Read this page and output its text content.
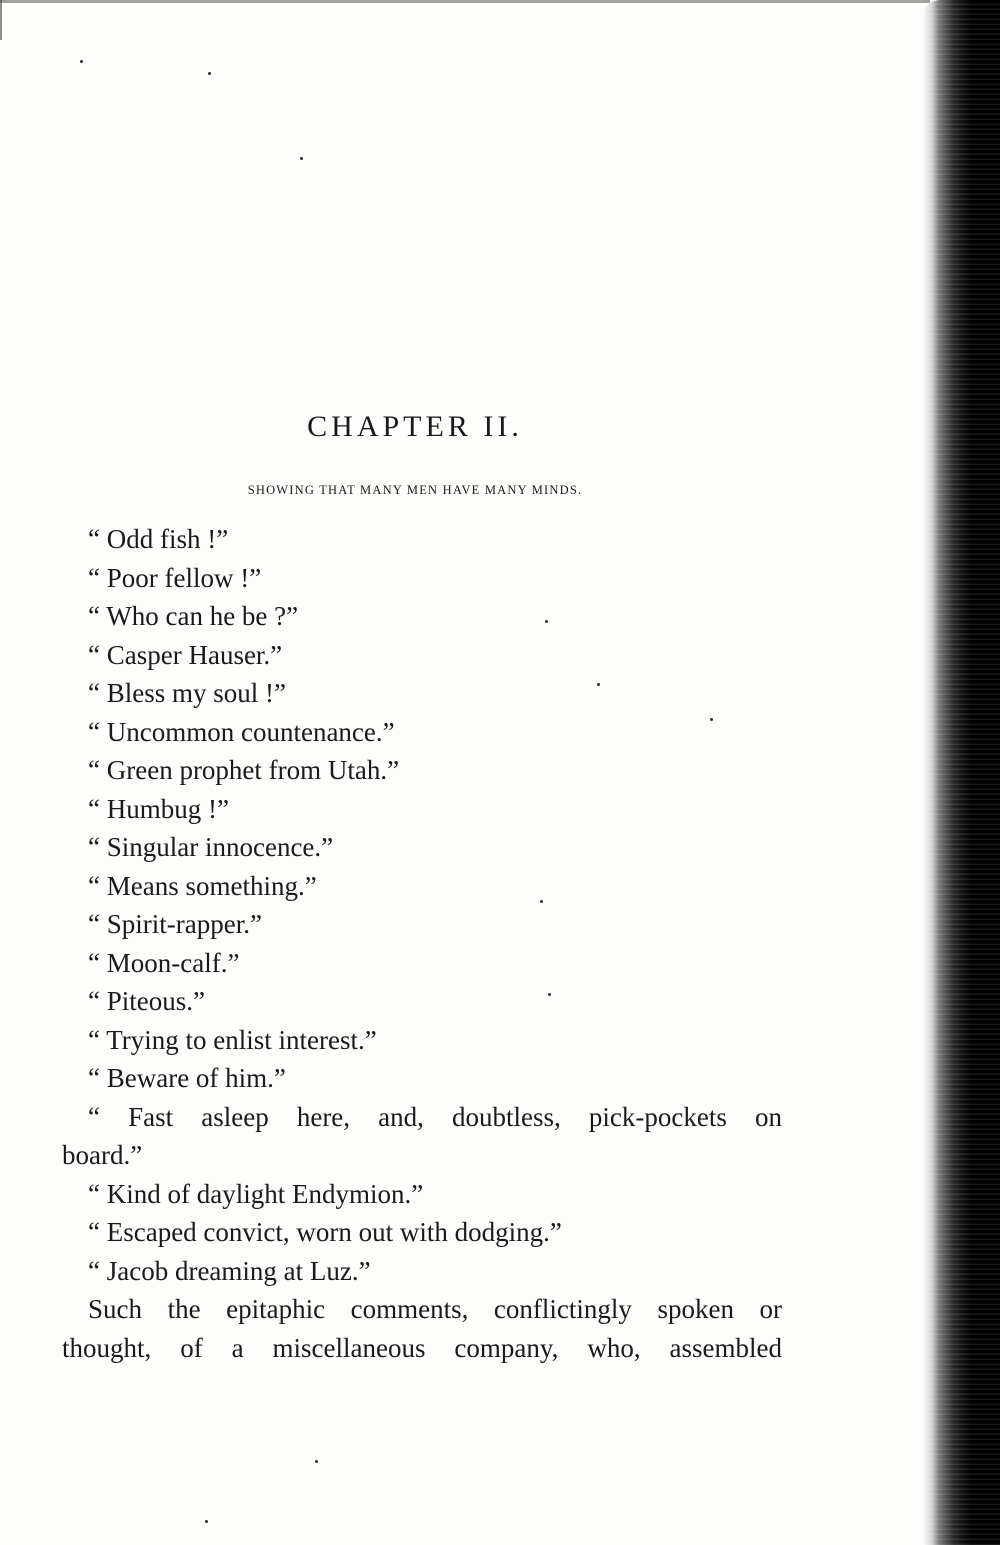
CHAPTER II.
SHOWING THAT MANY MEN HAVE MANY MINDS.
“ Odd fish !”
“ Poor fellow !”
“ Who can he be ?”
“ Casper Hauser.”
“ Bless my soul !”
“ Uncommon countenance.”
“ Green prophet from Utah.”
“ Humbug !”
“ Singular innocence.”
“ Means something.”
“ Spirit-rapper.”
“ Moon-calf.”
“ Piteous.”
“ Trying to enlist interest.”
“ Beware of him.”
“ Fast asleep here, and, doubtless, pick-pockets on
board.”
“ Kind of daylight Endymion.”
“ Escaped convict, worn out with dodging.”
“ Jacob dreaming at Luz.”
Such the epitaphic comments, conflictingly spoken or
thought, of a miscellaneous company, who, assembled
